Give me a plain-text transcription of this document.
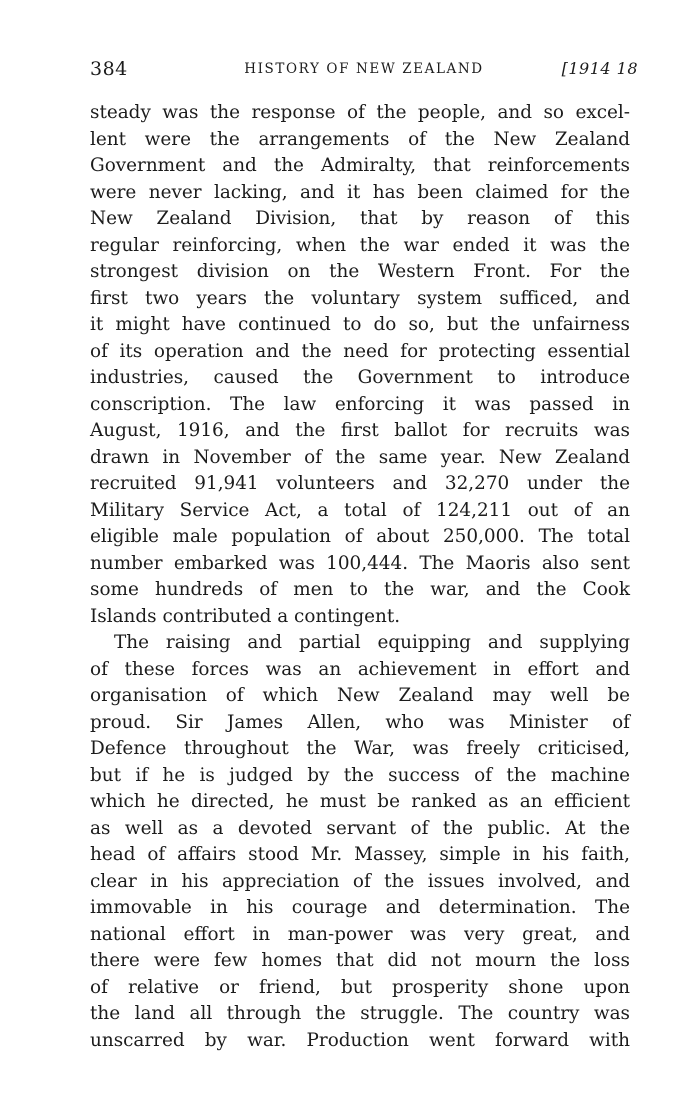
384	HISTORY OF NEW ZEALAND	[1914 18
steady was the response of the people, and so excel-
lent were the arrangements of the New Zealand
Government and the Admiralty, that reinforcements
were never lacking, and it has been claimed for the
New Zealand Division, that by reason of this
regular reinforcing, when the war ended it was the
strongest division on the Western Front. For the
first two years the voluntary system sufficed, and
it might have continued to do so, but the unfairness
of its operation and the need for protecting essential
industries, caused the Government to introduce
conscription. The law enforcing it was passed in
August, 1916, and the first ballot for recruits was
drawn in November of the same year. New Zealand
recruited 91,941 volunteers and 32,270 under the
Military Service Act, a total of 124,211 out of an
eligible male population of about 250,000. The total
number embarked was 100,444. The Maoris also sent
some hundreds of men to the war, and the Cook
Islands contributed a contingent.
The raising and partial equipping and supplying
of these forces was an achievement in effort and
organisation of which New Zealand may well be
proud. Sir James Allen, who was Minister of
Defence throughout the War, was freely criticised,
but if he is judged by the success of the machine
which he directed, he must be ranked as an efficient
as well as a devoted servant of the public. At the
head of affairs stood Mr. Massey, simple in his faith,
clear in his appreciation of the issues involved, and
immovable in his courage and determination. The
national effort in man-power was very great, and
there were few homes that did not mourn the loss
of relative or friend, but prosperity shone upon
the land all through the struggle. The country was
unscarred by war. Production went forward with
